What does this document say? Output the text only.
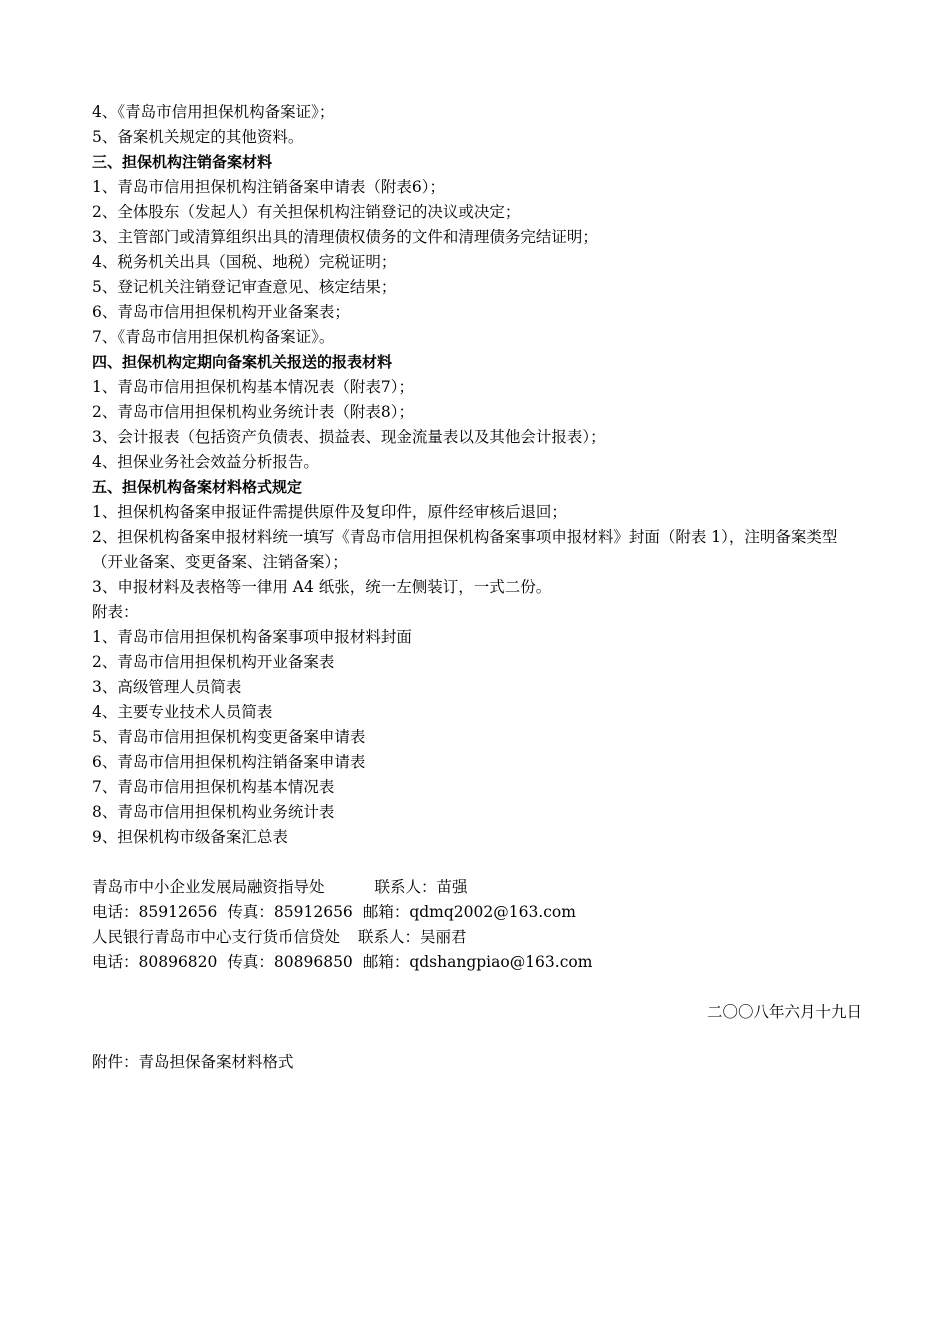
4、《青岛市信用担保机构备案证》；
5、备案机关规定的其他资料。
三、担保机构注销备案材料
1、青岛市信用担保机构注销备案申请表（附表6）；
2、全体股东（发起人）有关担保机构注销登记的决议或决定；
3、主管部门或清算组织出具的清理债权债务的文件和清理债务完结证明；
4、税务机关出具（国税、地税）完税证明；
5、登记机关注销登记审查意见、核定结果；
6、青岛市信用担保机构开业备案表；
7、《青岛市信用担保机构备案证》。
四、担保机构定期向备案机关报送的报表材料
1、青岛市信用担保机构基本情况表（附表7）；
2、青岛市信用担保机构业务统计表（附表8）；
3、会计报表（包括资产负债表、损益表、现金流量表以及其他会计报表）；
4、担保业务社会效益分析报告。
五、担保机构备案材料格式规定
1、担保机构备案申报证件需提供原件及复印件，原件经审核后退回；
2、担保机构备案申报材料统一填写《青岛市信用担保机构备案事项申报材料》封面（附表 1），注明备案类型（开业备案、变更备案、注销备案）；
3、申报材料及表格等一律用 A4 纸张，统一左侧装订，一式二份。
附表：
1、青岛市信用担保机构备案事项申报材料封面
2、青岛市信用担保机构开业备案表
3、高级管理人员简表
4、主要专业技术人员简表
5、青岛市信用担保机构变更备案申请表
6、青岛市信用担保机构注销备案申请表
7、青岛市信用担保机构基本情况表
8、青岛市信用担保机构业务统计表
9、担保机构市级备案汇总表
青岛市中小企业发展局融资指导处	联系人：苗强
电话：85912656 传真：85912656 邮箱：qdmq2002@163.com
人民银行青岛市中心支行货币信贷处 联系人：吴丽君
电话：80896820 传真：80896850 邮箱：qdshangpiao@163.com
二〇〇八年六月十九日
附件：青岛担保备案材料格式
